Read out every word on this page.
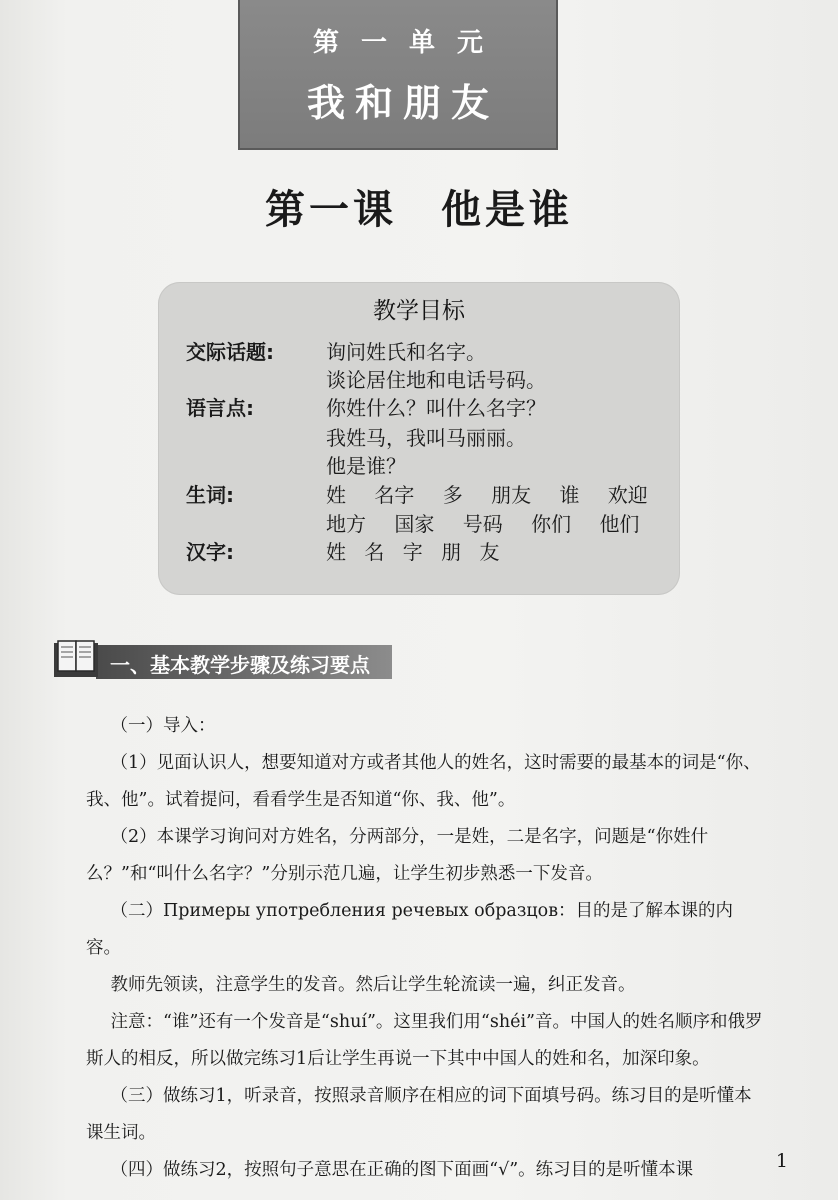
第一单元
我和朋友
第一课　他是谁
教学目标
交际话题:	询问姓氏和名字。
谈论居住地和电话号码。
语言点:	你姓什么？叫什么名字？
我姓马，我叫马丽丽。
他是谁？
生词:	姓 名字 多 朋友 谁 欢迎
地方 国家 号码 你们 他们
汉字:	姓 名 字 朋 友
一、基本教学步骤及练习要点

（一）导入：

（1）见面认识人，想要知道对方或者其他人的姓名，这时需要的最基本的词是“你、我、他”。试着提问，看看学生是否知道“你、我、他”。

（2）本课学习询问对方姓名，分两部分，一是姓，二是名字，问题是“你姓什么？”和“叫什么名字？”分别示范几遍，让学生初步熟悉一下发音。

（二）Примеры употребления речевых образцов：目的是了解本课的内容。

教师先领读，注意学生的发音。然后让学生轮流读一遍，纠正发音。

注意：“谁”还有一个发音是“shuí”。这里我们用“shéi”音。中国人的姓名顺序和俄罗斯人的相反，所以做完练习1后让学生再说一下其中中国人的姓和名，加深印象。

（三）做练习1，听录音，按照录音顺序在相应的词下面填号码。练习目的是听懂本课生词。

（四）做练习2，按照句子意思在正确的图下面画“√”。练习目的是听懂本课	1
